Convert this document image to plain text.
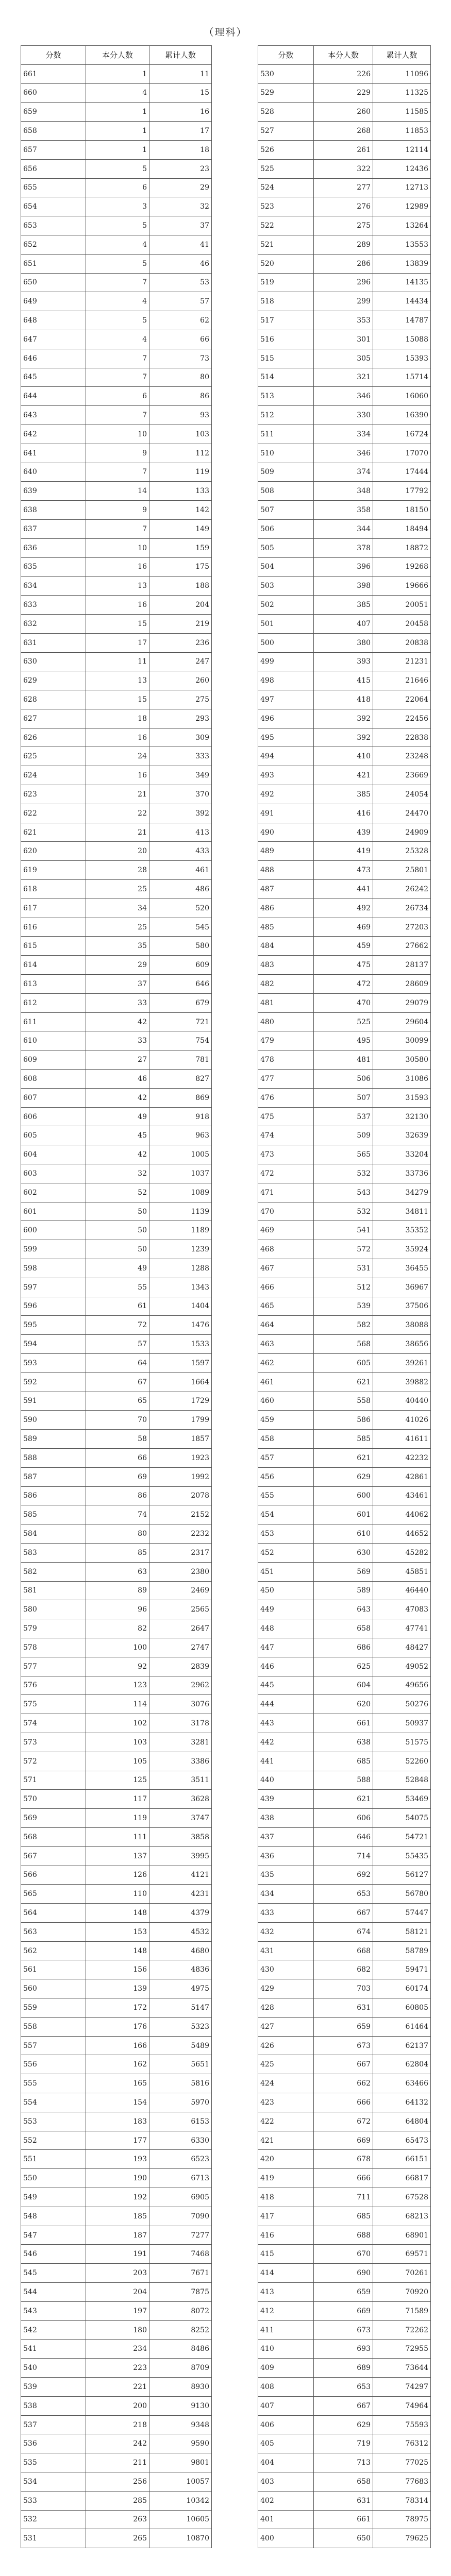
（理科）
分数	本分人数	累计人数
661	1	11
660	4	15
659	1	16
658	1	17
657	1	18
656	5	23
655	6	29
654	3	32
653	5	37
652	4	41
651	5	46
650	7	53
649	4	57
648	5	62
647	4	66
646	7	73
645	7	80
644	6	86
643	7	93
642	10	103
641	9	112
640	7	119
639	14	133
638	9	142
637	7	149
636	10	159
635	16	175
634	13	188
633	16	204
632	15	219
631	17	236
630	11	247
629	13	260
628	15	275
627	18	293
626	16	309
625	24	333
624	16	349
623	21	370
622	22	392
621	21	413
620	20	433
619	28	461
618	25	486
617	34	520
616	25	545
615	35	580
614	29	609
613	37	646
612	33	679
611	42	721
610	33	754
609	27	781
608	46	827
607	42	869
606	49	918
605	45	963
604	42	1005
603	32	1037
602	52	1089
601	50	1139
600	50	1189
599	50	1239
598	49	1288
597	55	1343
596	61	1404
595	72	1476
594	57	1533
593	64	1597
592	67	1664
591	65	1729
590	70	1799
589	58	1857
588	66	1923
587	69	1992
586	86	2078
585	74	2152
584	80	2232
583	85	2317
582	63	2380
581	89	2469
580	96	2565
579	82	2647
578	100	2747
577	92	2839
576	123	2962
575	114	3076
574	102	3178
573	103	3281
572	105	3386
571	125	3511
570	117	3628
569	119	3747
568	111	3858
567	137	3995
566	126	4121
565	110	4231
564	148	4379
563	153	4532
562	148	4680
561	156	4836
560	139	4975
559	172	5147
558	176	5323
557	166	5489
556	162	5651
555	165	5816
554	154	5970
553	183	6153
552	177	6330
551	193	6523
550	190	6713
549	192	6905
548	185	7090
547	187	7277
546	191	7468
545	203	7671
544	204	7875
543	197	8072
542	180	8252
541	234	8486
540	223	8709
539	221	8930
538	200	9130
537	218	9348
536	242	9590
535	211	9801
534	256	10057
533	285	10342
532	263	10605
531	265	10870
分数	本分人数	累计人数
530	226	11096
529	229	11325
528	260	11585
527	268	11853
526	261	12114
525	322	12436
524	277	12713
523	276	12989
522	275	13264
521	289	13553
520	286	13839
519	296	14135
518	299	14434
517	353	14787
516	301	15088
515	305	15393
514	321	15714
513	346	16060
512	330	16390
511	334	16724
510	346	17070
509	374	17444
508	348	17792
507	358	18150
506	344	18494
505	378	18872
504	396	19268
503	398	19666
502	385	20051
501	407	20458
500	380	20838
499	393	21231
498	415	21646
497	418	22064
496	392	22456
495	392	22838
494	410	23248
493	421	23669
492	385	24054
491	416	24470
490	439	24909
489	419	25328
488	473	25801
487	441	26242
486	492	26734
485	469	27203
484	459	27662
483	475	28137
482	472	28609
481	470	29079
480	525	29604
479	495	30099
478	481	30580
477	506	31086
476	507	31593
475	537	32130
474	509	32639
473	565	33204
472	532	33736
471	543	34279
470	532	34811
469	541	35352
468	572	35924
467	531	36455
466	512	36967
465	539	37506
464	582	38088
463	568	38656
462	605	39261
461	621	39882
460	558	40440
459	586	41026
458	585	41611
457	621	42232
456	629	42861
455	600	43461
454	601	44062
453	610	44652
452	630	45282
451	569	45851
450	589	46440
449	643	47083
448	658	47741
447	686	48427
446	625	49052
445	604	49656
444	620	50276
443	661	50937
442	638	51575
441	685	52260
440	588	52848
439	621	53469
438	606	54075
437	646	54721
436	714	55435
435	692	56127
434	653	56780
433	667	57447
432	674	58121
431	668	58789
430	682	59471
429	703	60174
428	631	60805
427	659	61464
426	673	62137
425	667	62804
424	662	63466
423	666	64132
422	672	64804
421	669	65473
420	678	66151
419	666	66817
418	711	67528
417	685	68213
416	688	68901
415	670	69571
414	690	70261
413	659	70920
412	669	71589
411	673	72262
410	693	72955
409	689	73644
408	653	74297
407	667	74964
406	629	75593
405	719	76312
404	713	77025
403	658	77683
402	631	78314
401	661	78975
400	650	79625
